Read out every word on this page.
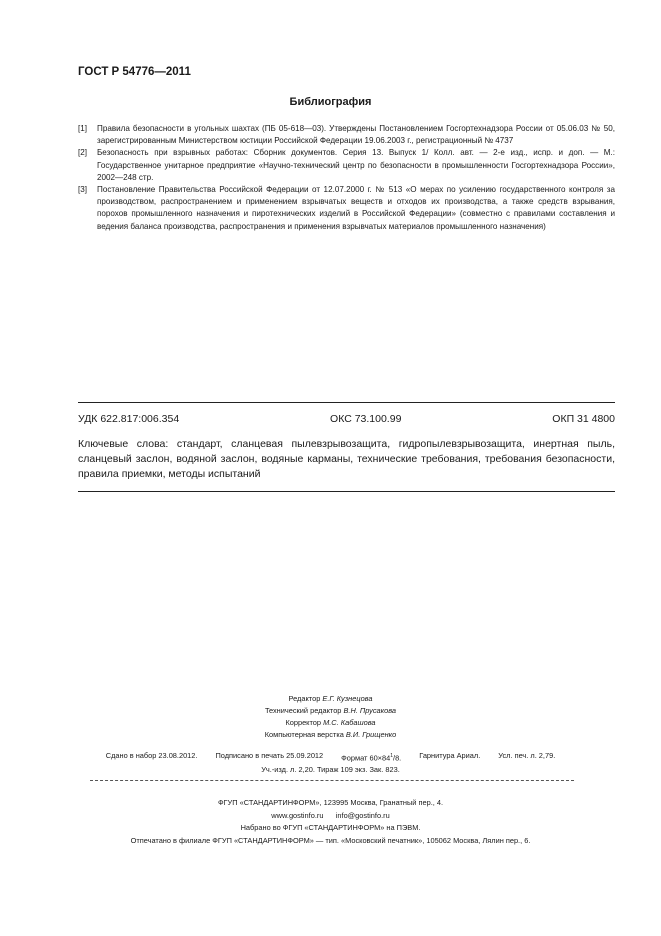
ГОСТ Р 54776—2011
Библиография
[1]	Правила безопасности в угольных шахтах (ПБ 05-618—03). Утверждены Постановлением Госгортехнадзора России от 05.06.03 № 50, зарегистрированным Министерством юстиции Российской Федерации 19.06.2003 г., регистрационный № 4737
[2]	Безопасность при взрывных работах: Сборник документов. Серия 13. Выпуск 1/ Колл. авт. — 2-е изд., испр. и доп. — М.: Государственное унитарное предприятие «Научно-технический центр по безопасности в промышленности Госгортехнадзора России», 2002—248 стр.
[3]	Постановление Правительства Российской Федерации от 12.07.2000 г. № 513 «О мерах по усилению государственного контроля за производством, распространением и применением взрывчатых веществ и отходов их производства, а также средств взрывания, порохов промышленного назначения и пиротехнических изделий в Российской Федерации» (совместно с правилами составления и ведения баланса производства, распространения и применения взрывчатых материалов промышленного назначения)
УДК 622.817:006.354	ОКС 73.100.99	ОКП 31 4800
Ключевые слова: стандарт, сланцевая пылевзрывозащита, гидропылевзрывозащита, инертная пыль, сланцевый заслон, водяной заслон, водяные карманы, технические требования, требования безопасности, правила приемки, методы испытаний
Редактор Е.Г. Кузнецова
Технический редактор В.Н. Прусакова
Корректор М.С. Кабашова
Компьютерная верстка В.И. Грищенко
Сдано в набор 23.08.2012. Подписано в печать 25.09.2012 Формат $60\times 84^1/8$. Гарнитура Ариал. Усл. печ. л. 2,79.
Уч.-изд. л. 2,20. Тираж 109 экз. Зак. 823.
ФГУП «СТАНДАРТИНФОРМ», 123995 Москва, Гранатный пер., 4.
www.gostinfo.ru      info@gostinfo.ru
Набрано во ФГУП «СТАНДАРТИНФОРМ» на ПЭВМ.
Отпечатано в филиале ФГУП «СТАНДАРТИНФОРМ» — тип. «Московский печатник», 105062 Москва, Лялин пер., 6.
